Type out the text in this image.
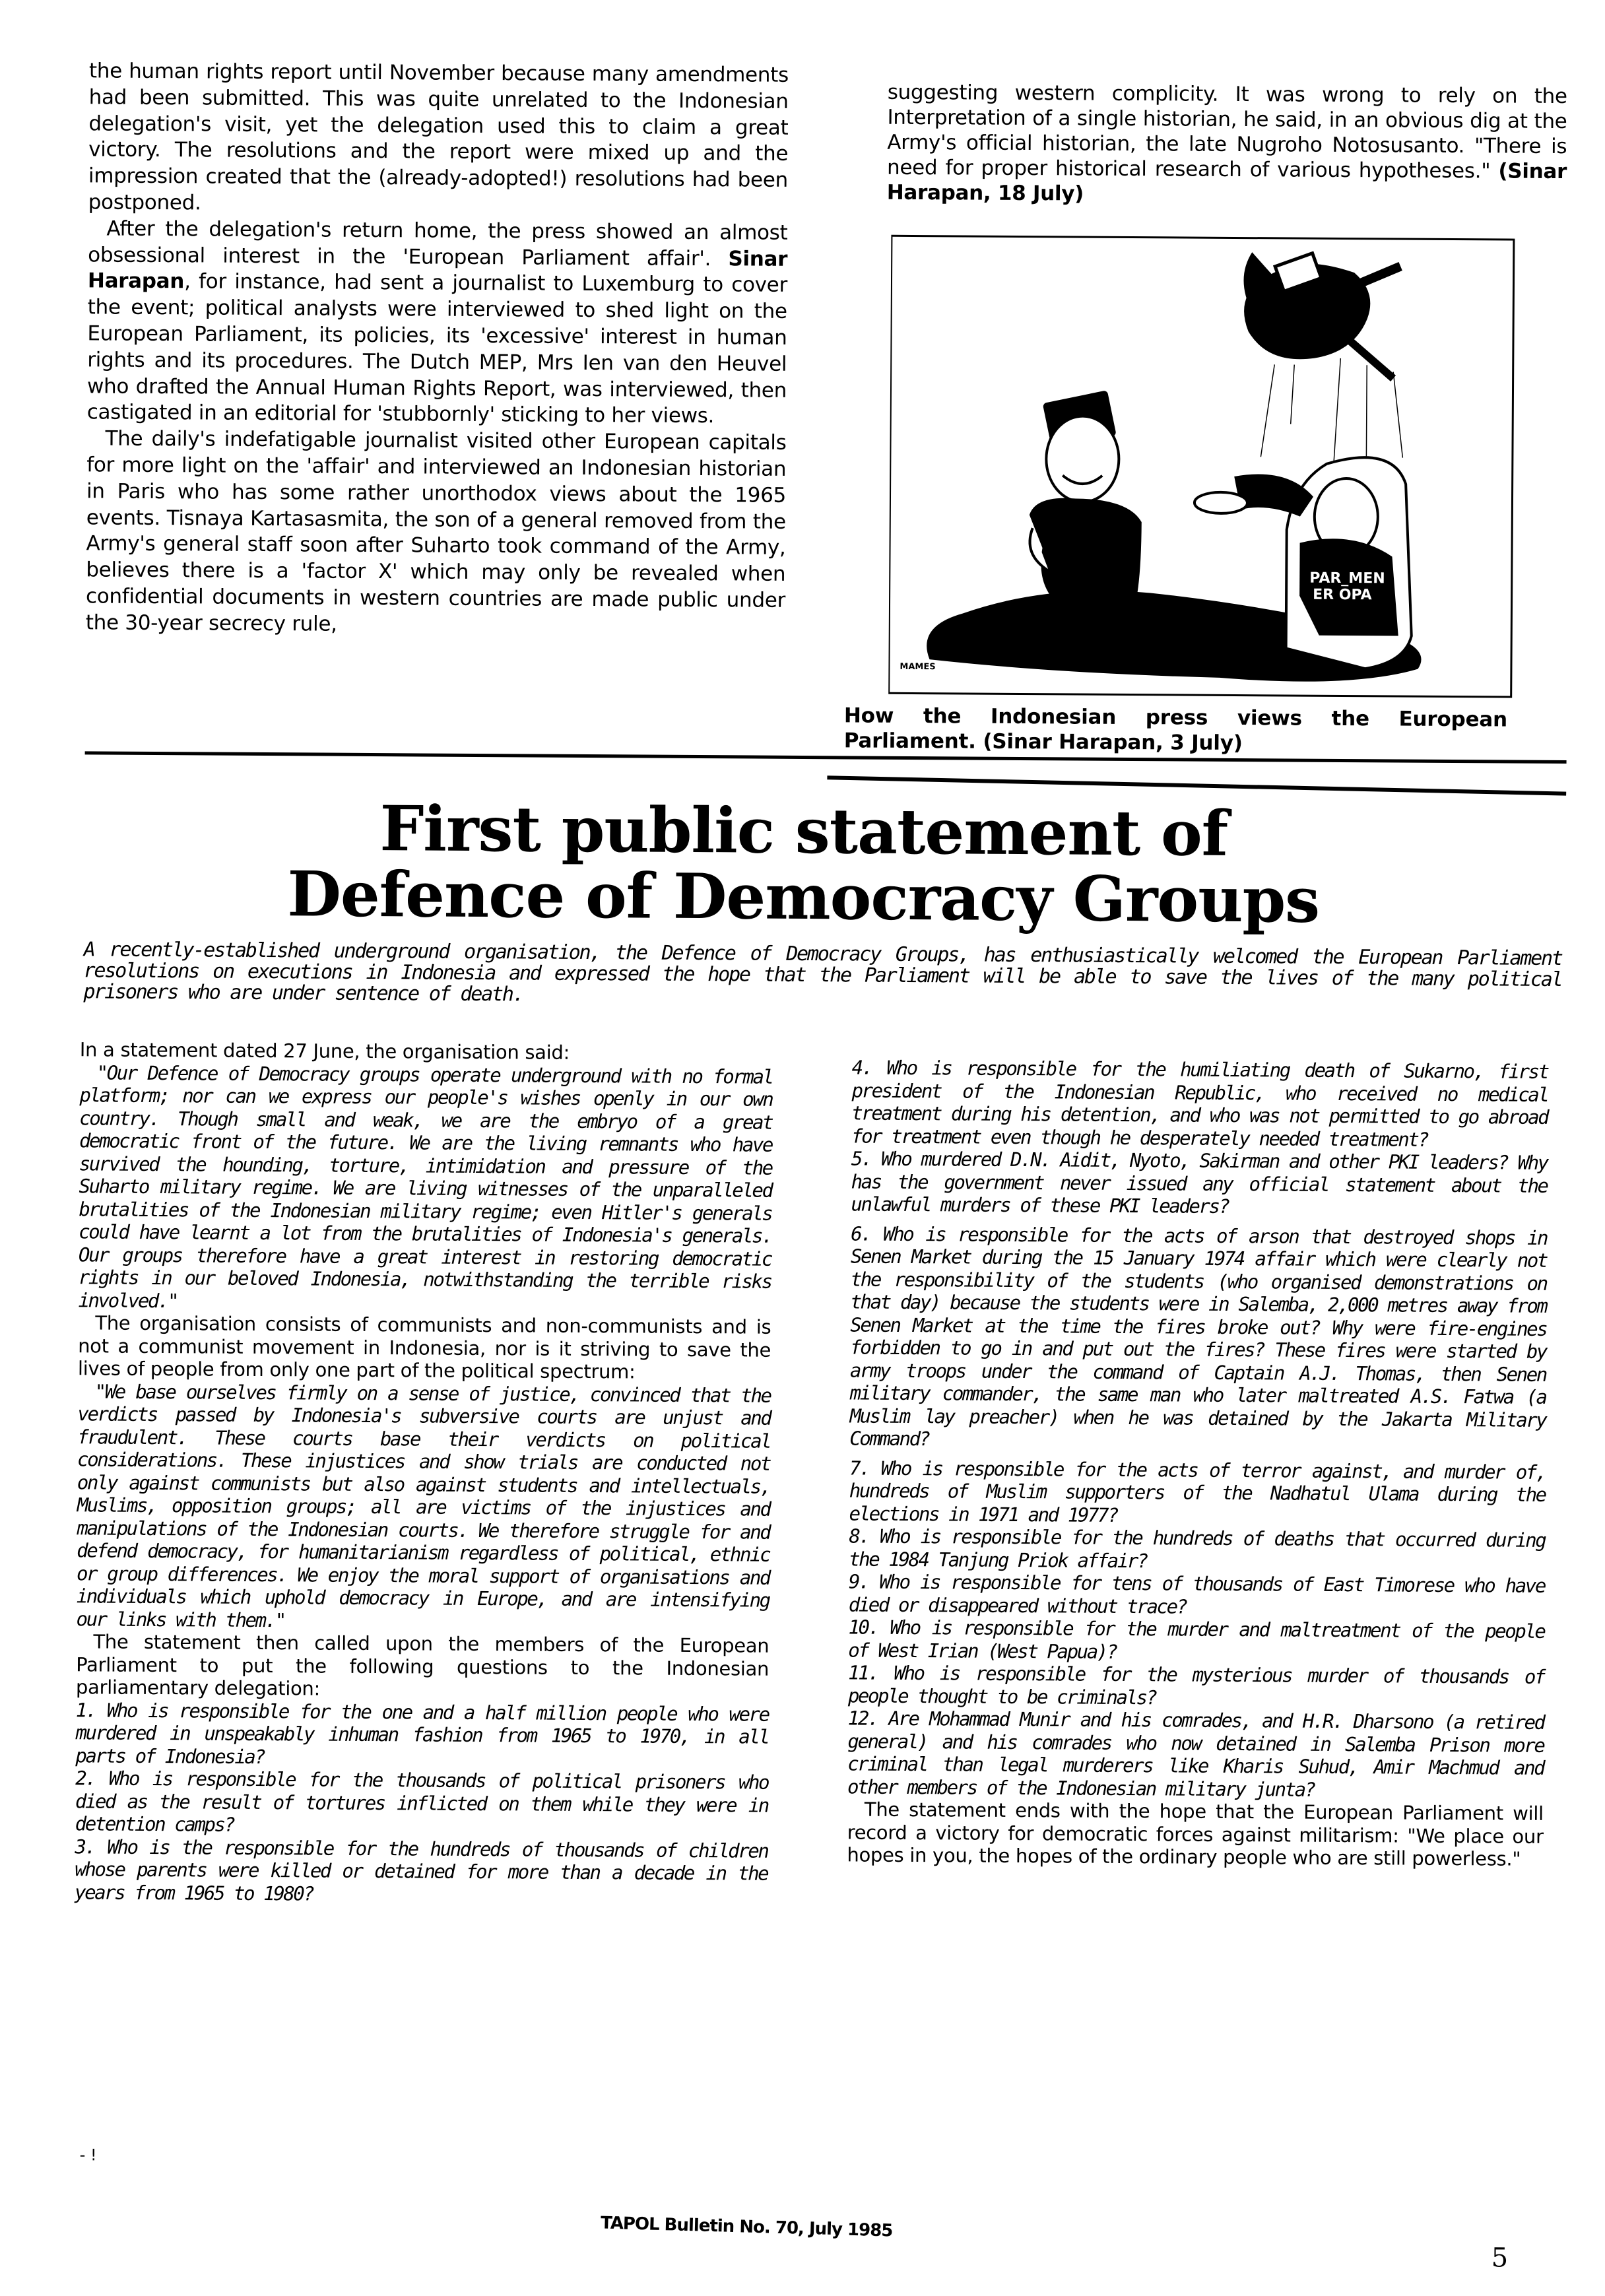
the human rights report until November because many amendments had been submitted. This was quite unrelated to the Indonesian delegation's visit, yet the delegation used this to claim a great victory. The resolutions and the report were mixed up and the impression created that the (already-adopted!) resolutions had been postponed.

After the delegation's return home, the press showed an almost obsessional interest in the 'European Parliament affair'. Sinar Harapan, for instance, had sent a journalist to Luxemburg to cover the event; political analysts were interviewed to shed light on the European Parliament, its policies, its 'excessive' interest in human rights and its procedures. The Dutch MEP, Mrs Ien van den Heuvel who drafted the Annual Human Rights Report, was interviewed, then castigated in an editorial for 'stubbornly' sticking to her views.

The daily's indefatigable journalist visited other European capitals for more light on the 'affair' and interviewed an Indonesian historian in Paris who has some rather unorthodox views about the 1965 events. Tisnaya Kartasasmita, the son of a general removed from the Army's general staff soon after Suharto took command of the Army, believes there is a 'factor X' which may only be revealed when confidential documents in western countries are made public under the 30-year secrecy rule,

suggesting western complicity. It was wrong to rely on the Interpretation of a single historian, he said, in an obvious dig at the Army's official historian, the late Nugroho Notosusanto. "There is need for proper historical research of various hypotheses." (Sinar Harapan, 18 July)

PAR_MEN
ER OPA
MAMES
How the Indonesian press views the European Parliament. (Sinar Harapan, 3 July)
First public statement of
Defence of Democracy Groups
A recently-established underground organisation, the Defence of Democracy Groups, has enthusiastically welcomed the European Parliament resolutions on executions in Indonesia and expressed the hope that the Parliament will be able to save the lives of the many political prisoners who are under sentence of death.

In a statement dated 27 June, the organisation said:

"Our Defence of Democracy groups operate underground with no formal platform; nor can we express our people's wishes openly in our own country. Though small and weak, we are the embryo of a great democratic front of the future. We are the living remnants who have survived the hounding, torture, intimidation and pressure of the Suharto military regime. We are living witnesses of the unparalleled brutalities of the Indonesian military regime; even Hitler's generals could have learnt a lot from the brutalities of Indonesia's generals. Our groups therefore have a great interest in restoring democratic rights in our beloved Indonesia, notwithstanding the terrible risks involved."

The organisation consists of communists and non-communists and is not a communist movement in Indonesia, nor is it striving to save the lives of people from only one part of the political spectrum:

"We base ourselves firmly on a sense of justice, convinced that the verdicts passed by Indonesia's subversive courts are unjust and fraudulent. These courts base their verdicts on political considerations. These injustices and show trials are conducted not only against communists but also against students and intellectuals, Muslims, opposition groups; all are victims of the injustices and manipulations of the Indonesian courts. We therefore struggle for and defend democracy, for humanitarianism regardless of political, ethnic or group differences. We enjoy the moral support of organisations and individuals which uphold democracy in Europe, and are intensifying our links with them."

The statement then called upon the members of the European Parliament to put the following questions to the Indonesian parliamentary delegation:

1. Who is responsible for the one and a half million people who were murdered in unspeakably inhuman fashion from 1965 to 1970, in all parts of Indonesia?

2. Who is responsible for the thousands of political prisoners who died as the result of tortures inflicted on them while they were in detention camps?

3. Who is the responsible for the hundreds of thousands of children whose parents were killed or detained for more than a decade in the years from 1965 to 1980?

4. Who is responsible for the humiliating death of Sukarno, first president of the Indonesian Republic, who received no medical treatment during his detention, and who was not permitted to go abroad for treatment even though he desperately needed treatment?

5. Who murdered D.N. Aidit, Nyoto, Sakirman and other PKI leaders? Why has the government never issued any official statement about the unlawful murders of these PKI leaders?

6. Who is responsible for the acts of arson that destroyed shops in Senen Market during the 15 January 1974 affair which were clearly not the responsibility of the students (who organised demonstrations on that day) because the students were in Salemba, 2,000 metres away from Senen Market at the time the fires broke out? Why were fire-engines forbidden to go in and put out the fires? These fires were started by army troops under the command of Captain A.J. Thomas, then Senen military commander, the same man who later maltreated A.S. Fatwa (a Muslim lay preacher) when he was detained by the Jakarta Military Command?

7. Who is responsible for the acts of terror against, and murder of, hundreds of Muslim supporters of the Nadhatul Ulama during the elections in 1971 and 1977?

8. Who is responsible for the hundreds of deaths that occurred during the 1984 Tanjung Priok affair?

9. Who is responsible for tens of thousands of East Timorese who have died or disappeared without trace?

10. Who is responsible for the murder and maltreatment of the people of West Irian (West Papua)?

11. Who is responsible for the mysterious murder of thousands of people thought to be criminals?

12. Are Mohammad Munir and his comrades, and H.R. Dharsono (a retired general) and his comrades who now detained in Salemba Prison more criminal than legal murderers like Kharis Suhud, Amir Machmud and other members of the Indonesian military junta?

The statement ends with the hope that the European Parliament will record a victory for democratic forces against militarism: "We place our hopes in you, the hopes of the ordinary people who are still powerless."

- !
TAPOL Bulletin No. 70, July 1985
5
